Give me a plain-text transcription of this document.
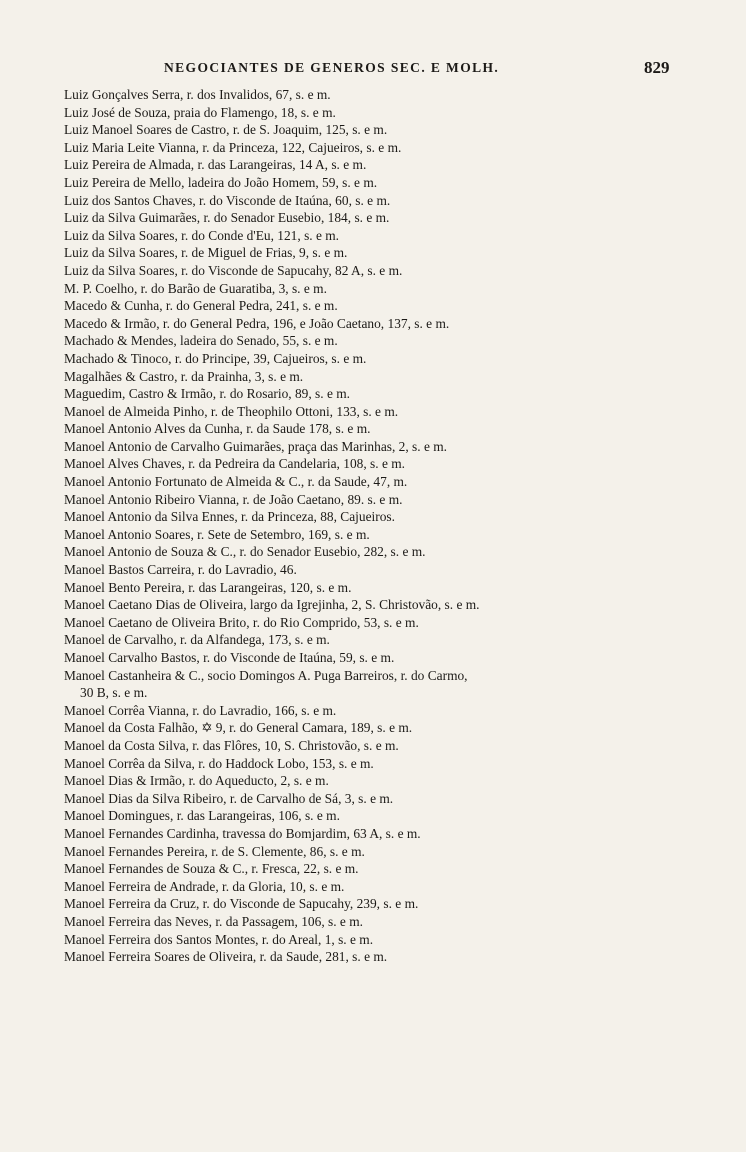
NEGOCIANTES DE GENEROS SEC. E MOLH.	829
Luiz Gonçalves Serra, r. dos Invalidos, 67, s. e m.
Luiz José de Souza, praia do Flamengo, 18, s. e m.
Luiz Manoel Soares de Castro, r. de S. Joaquim, 125, s. e m.
Luiz Maria Leite Vianna, r. da Princeza, 122, Cajueiros, s. e m.
Luiz Pereira de Almada, r. das Larangeiras, 14 A, s. e m.
Luiz Pereira de Mello, ladeira do João Homem, 59, s. e m.
Luiz dos Santos Chaves, r. do Visconde de Itaúna, 60, s. e m.
Luiz da Silva Guimarães, r. do Senador Eusebio, 184, s. e m.
Luiz da Silva Soares, r. do Conde d'Eu, 121, s. e m.
Luiz da Silva Soares, r. de Miguel de Frias, 9, s. e m.
Luiz da Silva Soares, r. do Visconde de Sapucahy, 82 A, s. e m.
M. P. Coelho, r. do Barão de Guaratiba, 3, s. e m.
Macedo & Cunha, r. do General Pedra, 241, s. e m.
Macedo & Irmão, r. do General Pedra, 196, e João Caetano, 137, s. e m.
Machado & Mendes, ladeira do Senado, 55, s. e m.
Machado & Tinoco, r. do Principe, 39, Cajueiros, s. e m.
Magalhães & Castro, r. da Prainha, 3, s. e m.
Maguedim, Castro & Irmão, r. do Rosario, 89, s. e m.
Manoel de Almeida Pinho, r. de Theophilo Ottoni, 133, s. e m.
Manoel Antonio Alves da Cunha, r. da Saude 178, s. e m.
Manoel Antonio de Carvalho Guimarães, praça das Marinhas, 2, s. e m.
Manoel Alves Chaves, r. da Pedreira da Candelaria, 108, s. e m.
Manoel Antonio Fortunato de Almeida & C., r. da Saude, 47, m.
Manoel Antonio Ribeiro Vianna, r. de João Caetano, 89. s. e m.
Manoel Antonio da Silva Ennes, r. da Princeza, 88, Cajueiros.
Manoel Antonio Soares, r. Sete de Setembro, 169, s. e m.
Manoel Antonio de Souza & C., r. do Senador Eusebio, 282, s. e m.
Manoel Bastos Carreira, r. do Lavradio, 46.
Manoel Bento Pereira, r. das Larangeiras, 120, s. e m.
Manoel Caetano Dias de Oliveira, largo da Igrejinha, 2, S. Christovão, s. e m.
Manoel Caetano de Oliveira Brito, r. do Rio Comprido, 53, s. e m.
Manoel de Carvalho, r. da Alfandega, 173, s. e m.
Manoel Carvalho Bastos, r. do Visconde de Itaúna, 59, s. e m.
Manoel Castanheira & C., socio Domingos A. Puga Barreiros, r. do Carmo,
30 B, s. e m.
Manoel Corrêa Vianna, r. do Lavradio, 166, s. e m.
Manoel da Costa Falhão, ✡ 9, r. do General Camara, 189, s. e m.
Manoel da Costa Silva, r. das Flôres, 10, S. Christovão, s. e m.
Manoel Corrêa da Silva, r. do Haddock Lobo, 153, s. e m.
Manoel Dias & Irmão, r. do Aqueducto, 2, s. e m.
Manoel Dias da Silva Ribeiro, r. de Carvalho de Sá, 3, s. e m.
Manoel Domingues, r. das Larangeiras, 106, s. e m.
Manoel Fernandes Cardinha, travessa do Bomjardim, 63 A, s. e m.
Manoel Fernandes Pereira, r. de S. Clemente, 86, s. e m.
Manoel Fernandes de Souza & C., r. Fresca, 22, s. e m.
Manoel Ferreira de Andrade, r. da Gloria, 10, s. e m.
Manoel Ferreira da Cruz, r. do Visconde de Sapucahy, 239, s. e m.
Manoel Ferreira das Neves, r. da Passagem, 106, s. e m.
Manoel Ferreira dos Santos Montes, r. do Areal, 1, s. e m.
Manoel Ferreira Soares de Oliveira, r. da Saude, 281, s. e m.
